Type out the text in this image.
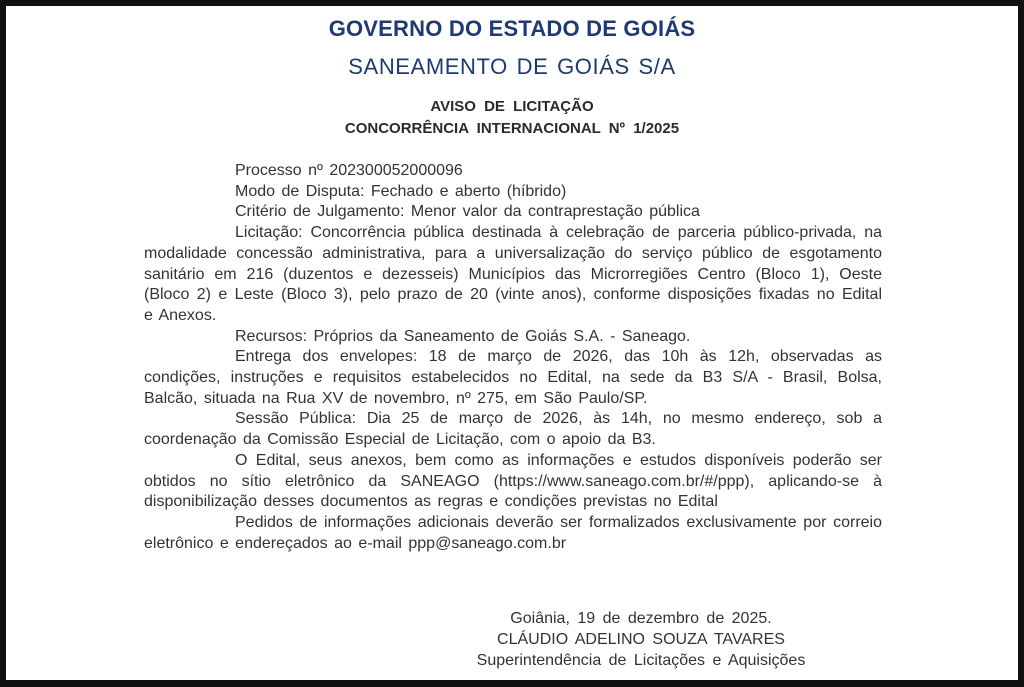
GOVERNO DO ESTADO DE GOIÁS
SANEAMENTO DE GOIÁS S/A
AVISO DE LICITAÇÃO
CONCORRÊNCIA INTERNACIONAL Nº 1/2025

Processo nº 202300052000096

Modo de Disputa: Fechado e aberto (híbrido)

Critério de Julgamento: Menor valor da contraprestação pública

Licitação: Concorrência pública destinada à celebração de parceria público-privada, na modalidade concessão administrativa, para a universalização do serviço público de esgotamento sanitário em 216 (duzentos e dezesseis) Municípios das Microrregiões Centro (Bloco 1), Oeste (Bloco 2) e Leste (Bloco 3), pelo prazo de 20 (vinte anos), conforme disposições fixadas no Edital e Anexos.

Recursos: Próprios da Saneamento de Goiás S.A. - Saneago.

Entrega dos envelopes: 18 de março de 2026, das 10h às 12h, observadas as condições, instruções e requisitos estabelecidos no Edital, na sede da B3 S/A - Brasil, Bolsa, Balcão, situada na Rua XV de novembro, nº 275, em São Paulo/SP.

Sessão Pública: Dia 25 de março de 2026, às 14h, no mesmo endereço, sob a coordenação da Comissão Especial de Licitação, com o apoio da B3.

O Edital, seus anexos, bem como as informações e estudos disponíveis poderão ser obtidos no sítio eletrônico da SANEAGO (https://www.saneago.com.br/#/ppp), aplicando-se à disponibilização desses documentos as regras e condições previstas no Edital

Pedidos de informações adicionais deverão ser formalizados exclusivamente por correio eletrônico e endereçados ao e-mail ppp@saneago.com.br

Goiânia, 19 de dezembro de 2025.
CLÁUDIO ADELINO SOUZA TAVARES
Superintendência de Licitações e Aquisições
